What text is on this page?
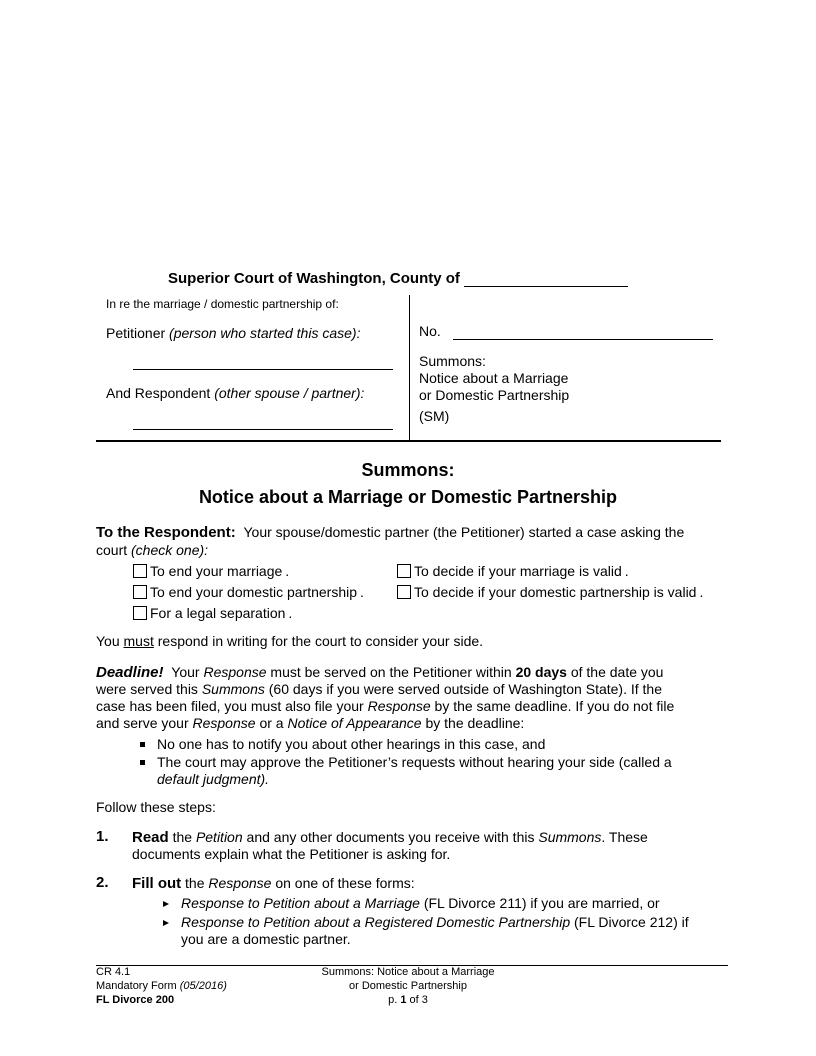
Superior Court of Washington, County of
In re the marriage / domestic partnership of:
Petitioner (person who started this case):
And Respondent (other spouse / partner):
No.
Summons:
Notice about a Marriage
or Domestic Partnership
(SM)
Summons:
Notice about a Marriage or Domestic Partnership
To the Respondent: Your spouse/domestic partner (the Petitioner) started a case asking the
court (check one):
To end your marriage .	To decide if your marriage is valid .
To end your domestic partnership .	To decide if your domestic partnership is valid .
For a legal separation .
You must respond in writing for the court to consider your side.
Deadline! Your Response must be served on the Petitioner within 20 days of the date you
were served this Summons (60 days if you were served outside of Washington State). If the
case has been filed, you must also file your Response by the same deadline. If you do not file
and serve your Response or a Notice of Appearance by the deadline:
No one has to notify you about other hearings in this case, and
The court may approve the Petitioner’s requests without hearing your side (called a
default judgment).
Follow these steps:
1. Read the Petition and any other documents you receive with this Summons. These
documents explain what the Petitioner is asking for.
2. Fill out the Response on one of these forms:
Response to Petition about a Marriage (FL Divorce 211) if you are married, or
Response to Petition about a Registered Domestic Partnership (FL Divorce 212) if
you are a domestic partner.
CR 4.1
Mandatory Form (05/2016)
FL Divorce 200
Summons: Notice about a Marriage
or Domestic Partnership
p. 1 of 3
